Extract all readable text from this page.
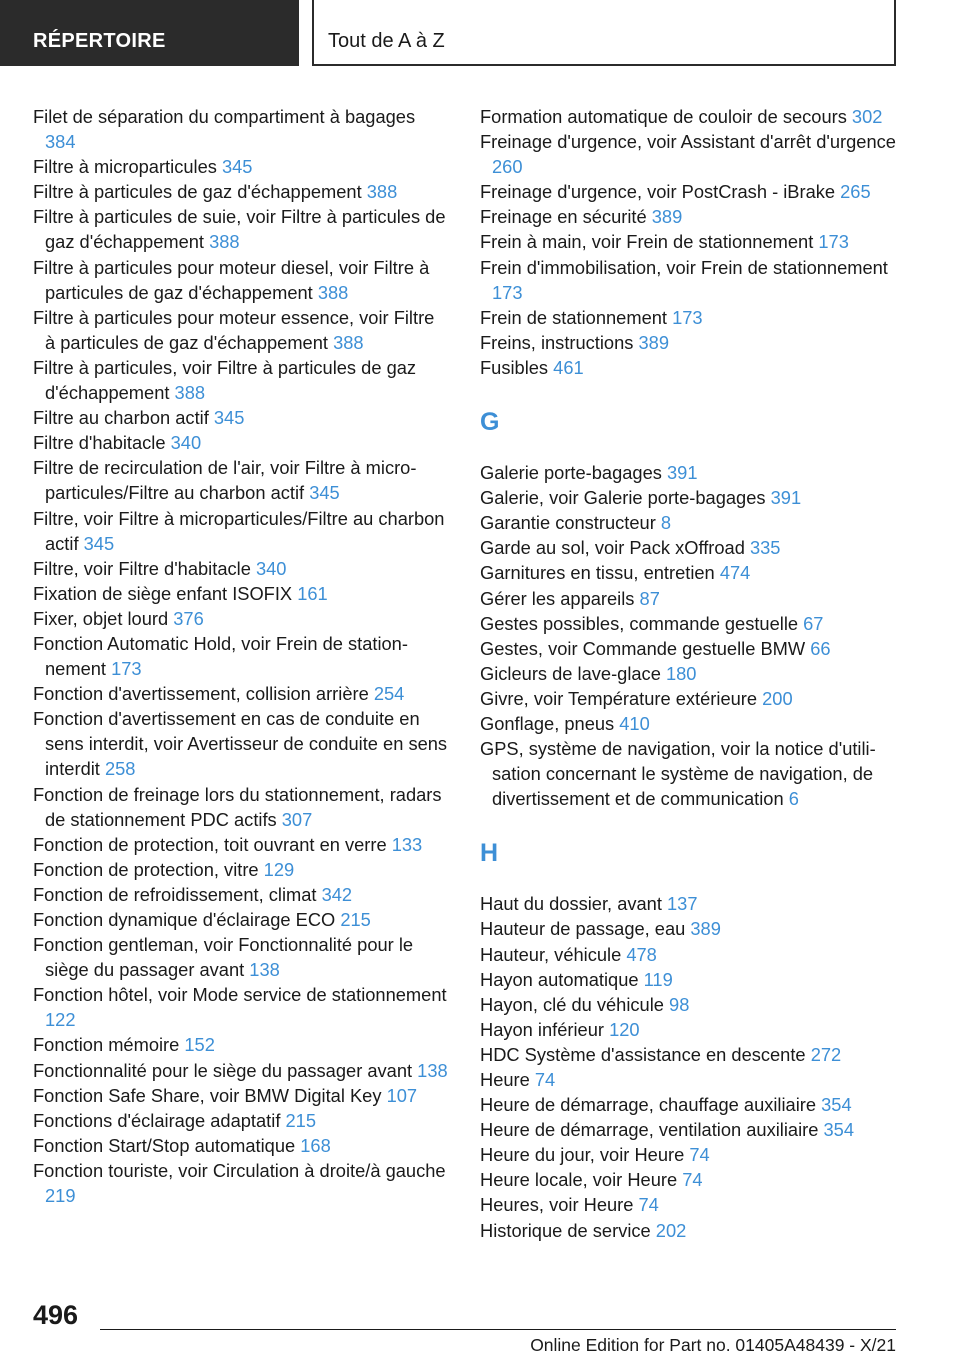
RÉPERTOIRE	Tout de A à Z
Filet de séparation du compartiment à bagages 384
Filtre à microparticules 345
Filtre à particules de gaz d'échappement 388
Filtre à particules de suie, voir Filtre à particules de gaz d'échappement 388
Filtre à particules pour moteur diesel, voir Filtre à particules de gaz d'échappement 388
Filtre à particules pour moteur essence, voir Filtre à particules de gaz d'échappement 388
Filtre à particules, voir Filtre à particules de gaz d'échappement 388
Filtre au charbon actif 345
Filtre d'habitacle 340
Filtre de recirculation de l'air, voir Filtre à microparticules/Filtre au charbon actif 345
Filtre, voir Filtre à microparticules/Filtre au charbon actif 345
Filtre, voir Filtre d'habitacle 340
Fixation de siège enfant ISOFIX 161
Fixer, objet lourd 376
Fonction Automatic Hold, voir Frein de stationnement 173
Fonction d'avertissement, collision arrière 254
Fonction d'avertissement en cas de conduite en sens interdit, voir Avertisseur de conduite en sens interdit 258
Fonction de freinage lors du stationnement, radars de stationnement PDC actifs 307
Fonction de protection, toit ouvrant en verre 133
Fonction de protection, vitre 129
Fonction de refroidissement, climat 342
Fonction dynamique d'éclairage ECO 215
Fonction gentleman, voir Fonctionnalité pour le siège du passager avant 138
Fonction hôtel, voir Mode service de stationnement 122
Fonction mémoire 152
Fonctionnalité pour le siège du passager avant 138
Fonction Safe Share, voir BMW Digital Key 107
Fonctions d'éclairage adaptatif 215
Fonction Start/Stop automatique 168
Fonction touriste, voir Circulation à droite/à gauche 219
Formation automatique de couloir de secours 302
Freinage d'urgence, voir Assistant d'arrêt d'urgence 260
Freinage d'urgence, voir PostCrash - iBrake 265
Freinage en sécurité 389
Frein à main, voir Frein de stationnement 173
Frein d'immobilisation, voir Frein de stationnement 173
Frein de stationnement 173
Freins, instructions 389
Fusibles 461
G
Galerie porte-bagages 391
Galerie, voir Galerie porte-bagages 391
Garantie constructeur 8
Garde au sol, voir Pack xOffroad 335
Garnitures en tissu, entretien 474
Gérer les appareils 87
Gestes possibles, commande gestuelle 67
Gestes, voir Commande gestuelle BMW 66
Gicleurs de lave-glace 180
Givre, voir Température extérieure 200
Gonflage, pneus 410
GPS, système de navigation, voir la notice d'utilisation concernant le système de navigation, de divertissement et de communication 6
H
Haut du dossier, avant 137
Hauteur de passage, eau 389
Hauteur, véhicule 478
Hayon automatique 119
Hayon, clé du véhicule 98
Hayon inférieur 120
HDC Système d'assistance en descente 272
Heure 74
Heure de démarrage, chauffage auxiliaire 354
Heure de démarrage, ventilation auxiliaire 354
Heure du jour, voir Heure 74
Heure locale, voir Heure 74
Heures, voir Heure 74
Historique de service 202
496
Online Edition for Part no. 01405A48439 - X/21
